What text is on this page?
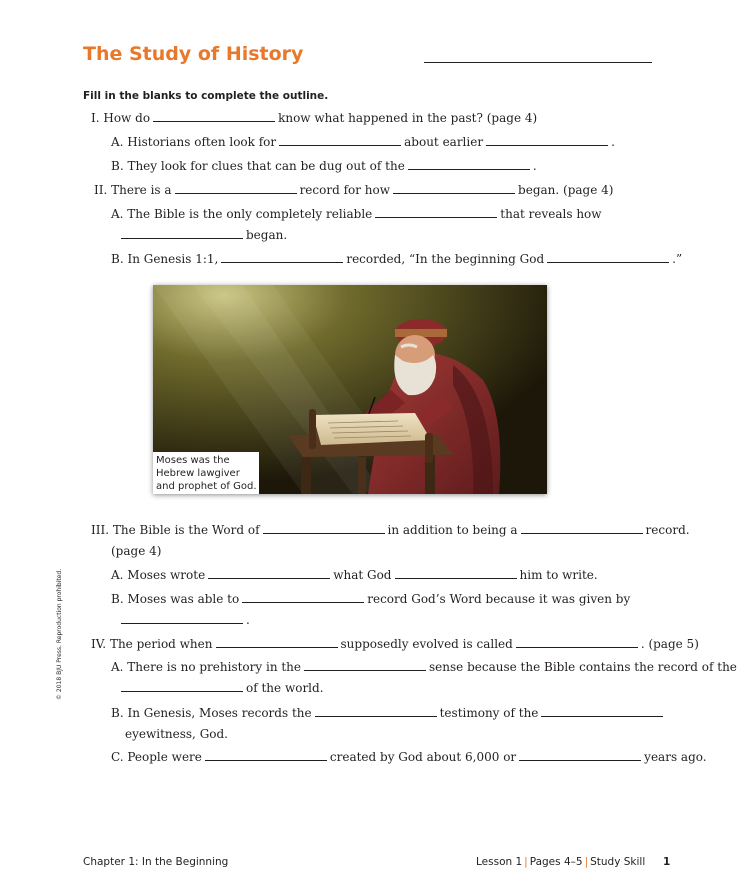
The Study of History
Fill in the blanks to complete the outline.
I. How do	know what happened in the past? (page 4)
A. Historians often look for	about earlier	.
B. They look for clues that can be dug out of the	.
II. There is a	record for how	began. (page 4)
A. The Bible is the only completely reliable	that reveals how
began.
B. In Genesis 1:1,	recorded, “In the beginning God	.”
Moses was the
Hebrew lawgiver
and prophet of God.
III. The Bible is the Word of	in addition to being a	record.
(page 4)
A. Moses wrote	what God	him to write.
B. Moses was able to	record God’s Word because it was given by
.
IV. The period when	supposedly evolved is called	. (page 5)
A. There is no prehistory in the	sense because the Bible contains the record of the
of the world.
B. In Genesis, Moses records the	testimony of the
eyewitness, God.
C. People were	created by God about 6,000 or	years ago.
© 2018 BJU Press. Reproduction prohibited.
Chapter 1: In the Beginning	Lesson 1 | Pages 4–5 | Study Skill 1
